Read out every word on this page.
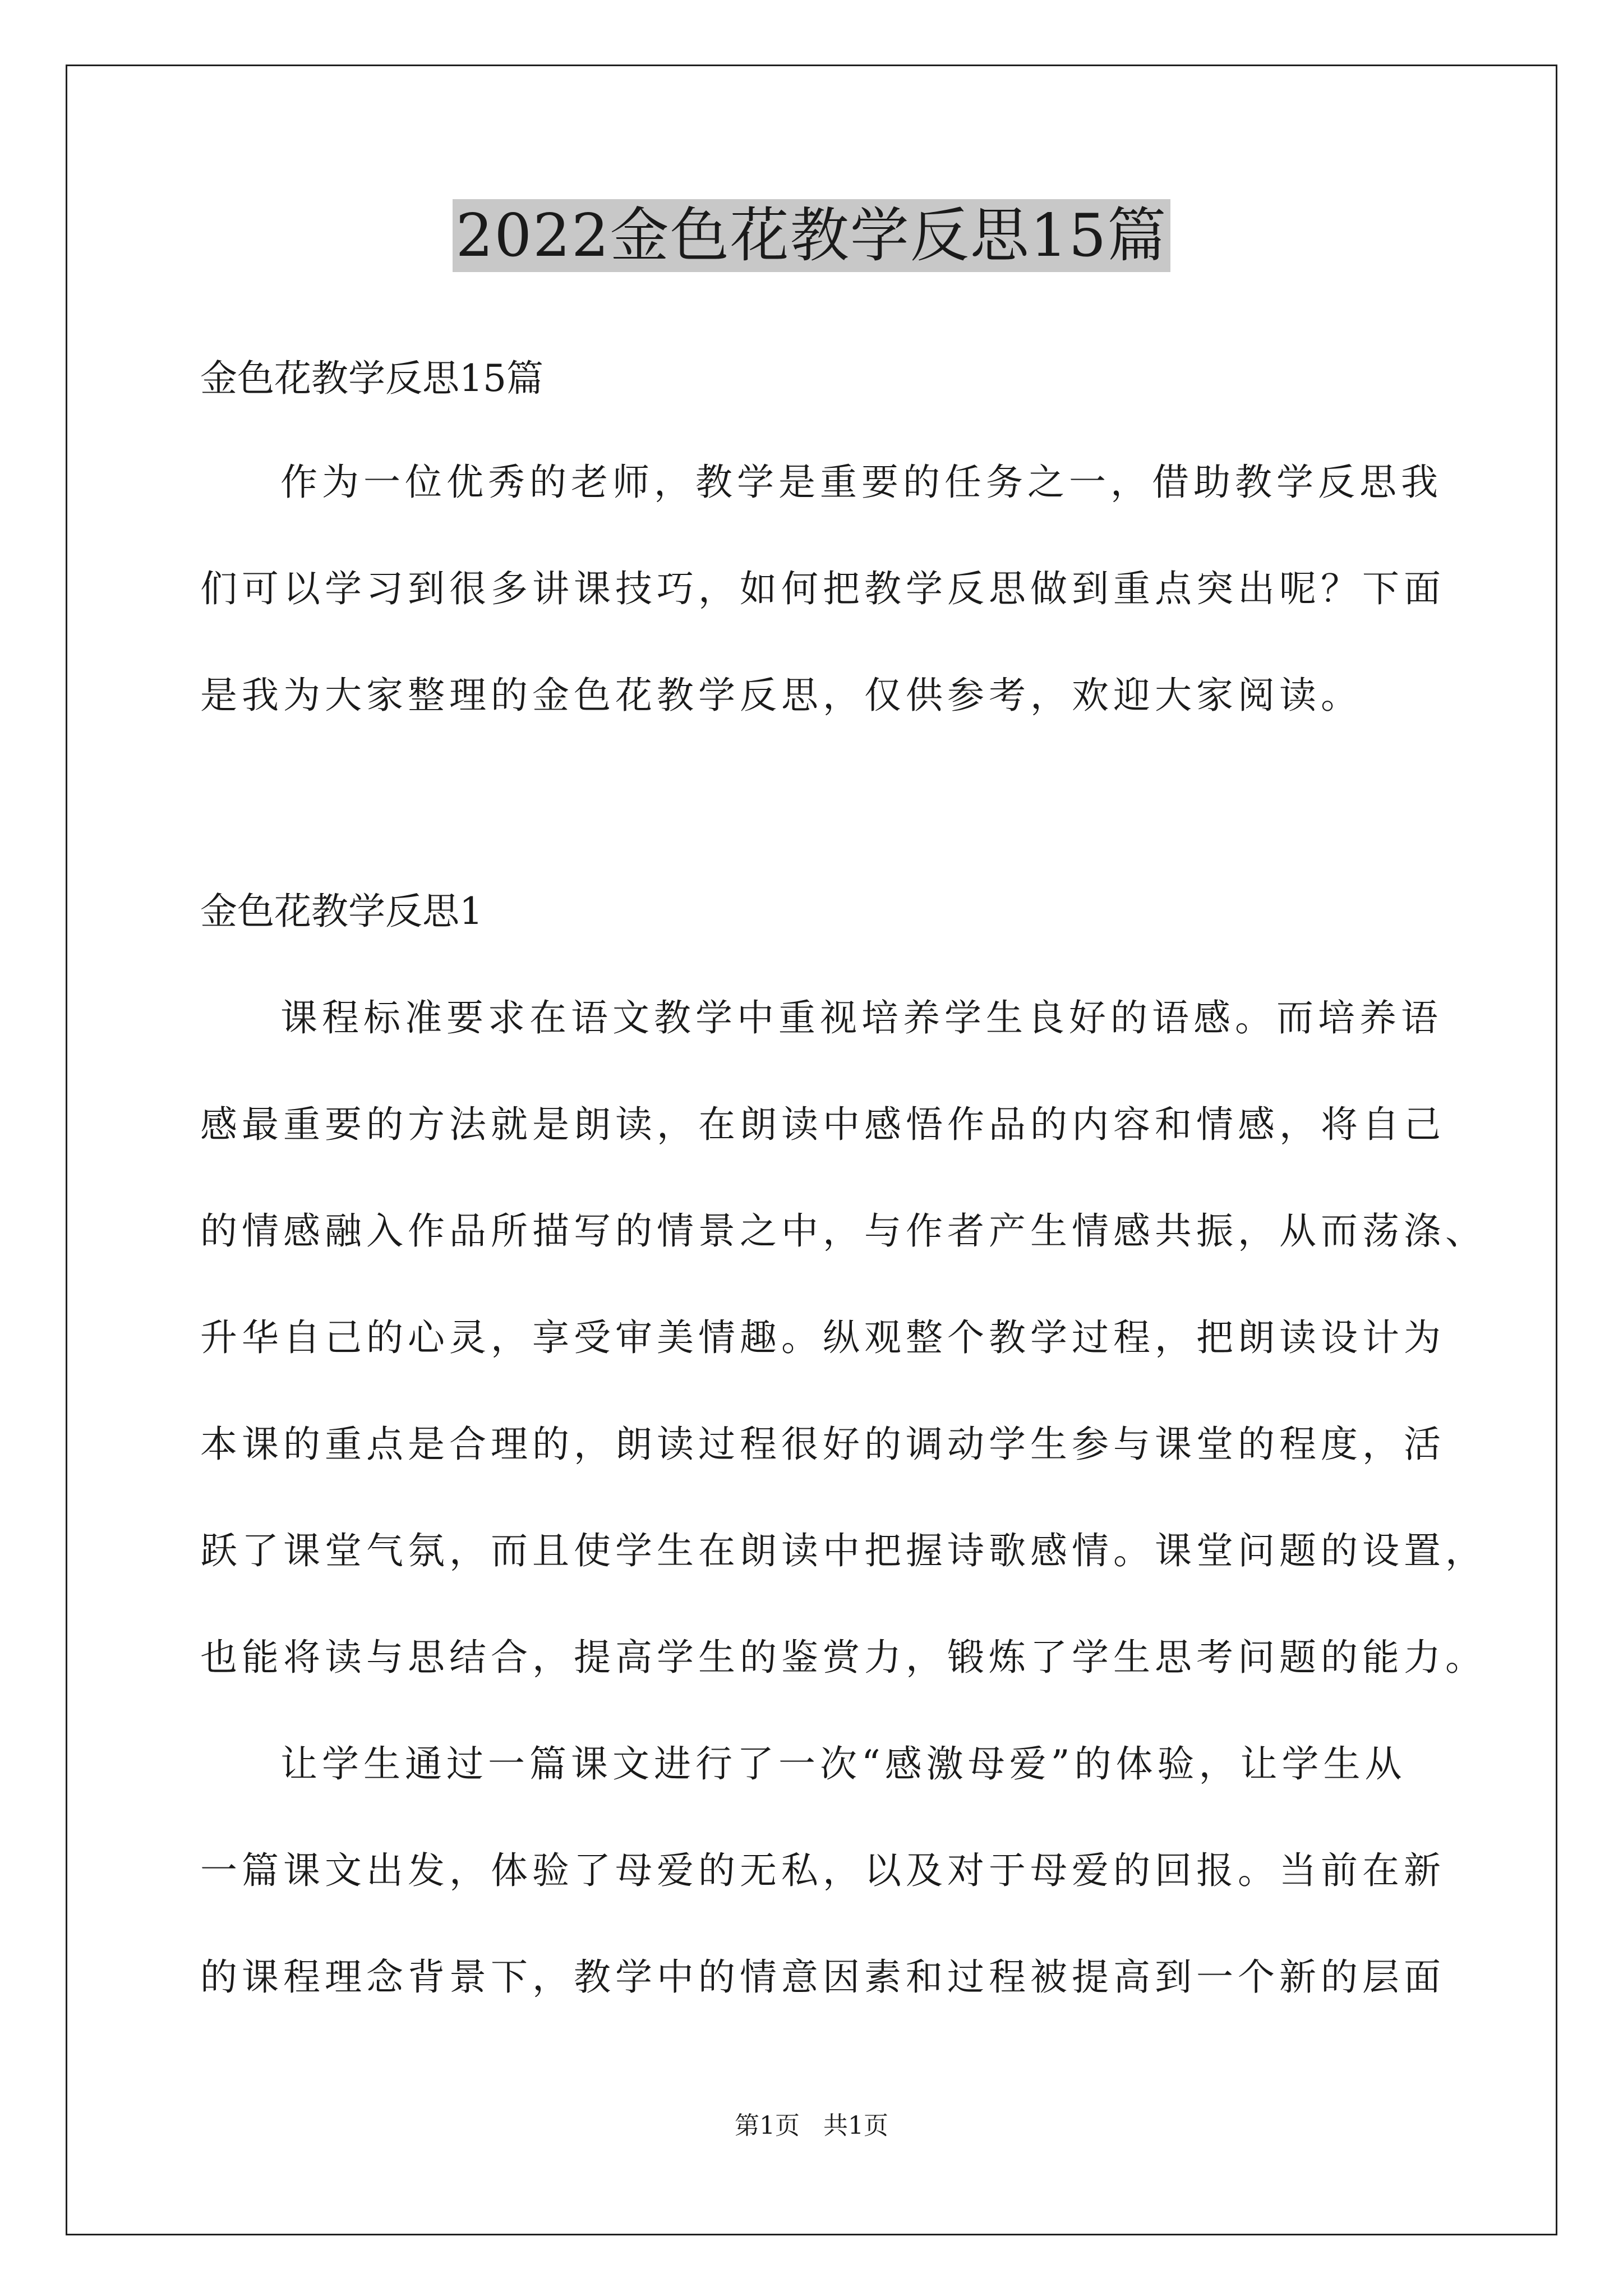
2022金色花教学反思15篇
金色花教学反思15篇
作为一位优秀的老师，教学是重要的任务之一，借助教学反思我
们可以学习到很多讲课技巧，如何把教学反思做到重点突出呢？下面
是我为大家整理的金色花教学反思，仅供参考，欢迎大家阅读。
金色花教学反思1
课程标准要求在语文教学中重视培养学生良好的语感。而培养语
感最重要的方法就是朗读，在朗读中感悟作品的内容和情感，将自己
的情感融入作品所描写的情景之中，与作者产生情感共振，从而荡涤、
升华自己的心灵，享受审美情趣。纵观整个教学过程，把朗读设计为
本课的重点是合理的，朗读过程很好的调动学生参与课堂的程度，活
跃了课堂气氛，而且使学生在朗读中把握诗歌感情。课堂问题的设置，
也能将读与思结合，提高学生的鉴赏力，锻炼了学生思考问题的能力。
让学生通过一篇课文进行了一次“感激母爱”的体验，让学生从
一篇课文出发，体验了母爱的无私，以及对于母爱的回报。当前在新
的课程理念背景下，教学中的情意因素和过程被提高到一个新的层面
第1页   共1页
